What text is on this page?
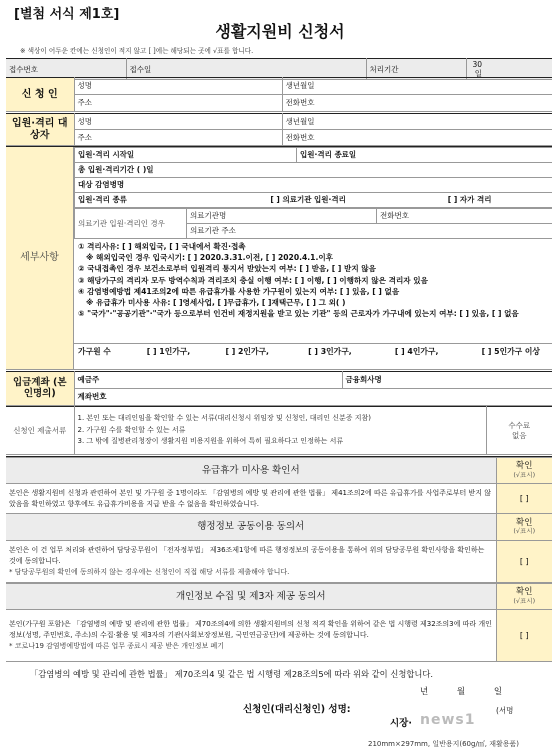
[별첨 서식 제1호]
생활지원비 신청서
※ 색상이 어두운 칸에는 신청인이 적지 않고 [ ]에는 해당되는 곳에 √표를 합니다.
접수번호	접수일	처리기간	30일
신 청 인	성명	생년월일
	주소	전화번호
입원·격리 대상자	성명	생년월일
	주소	전화번호
세부사항
입원·격리 시작일	입원·격리 종료일
총 입원·격리기간 ( )일
대상 감염병명
입원·격리 종류	[ ] 의료기관 입원·격리	[ ] 자가 격리
의료기관 입원·격리인 경우	의료기관명	전화번호
의료기관 주소
① 격리사유: [ ] 해외입국, [ ] 국내에서 확진·접촉
※ 해외입국인 경우 입국시기: [ ] 2020.3.31.이전, [ ] 2020.4.1.이후
② 국내접촉인 경우 보건소로부터 입원격리 통지서 받았는지 여부: [ ] 받음, [ ] 받지 않음
③ 해당가구의 격리자 모두 방역수칙과 격리조치 충실 이행 여부: [ ] 이행, [ ] 이행하지 않은 격리자 있음
④ 감염병예방법 제41조의2에 따른 유급휴가를 사용한 가구원이 있는지 여부: [ ] 있음, [ ] 없음
※ 유급휴가 미사용 사유: [ ]영세사업, [ ]무급휴가, [ ]재택근무, [ ] 그 외( )
⑤ "국가"·"공공기관"·"국가 등으로부터 인건비 재정지원을 받고 있는 기관" 등의 근로자가 가구내에 있는지 여부: [ ] 있음, [ ] 없음
가구원 수	[ ] 1인가구,	[ ] 2인가구,	[ ] 3인가구,	[ ] 4인가구,	[ ] 5인가구 이상
입금계좌 (본인명의)	예금주	금융회사명
계좌번호
신청인 제출서류	
1. 본인 또는 대리인임을 확인할 수 있는 서류(대리신청시 위임장 및 신청인, 대리인 신분증 지참)
2. 가구원 수를 확인할 수 있는 서류
3. 그 밖에 질병관리청장이 생활지원 비용지원을 위하여 특히 필요하다고 인정하는 서류

수수료
없음
유급휴가 미사용 확인서	확인
(√표시)

본인은 생활지원비 신청과 관련하여 본인 및 가구원 중 1명이라도 「감염병의 예방 및 관리에 관한 법률」 제41조의2에 따른 유급휴가를 사업주로부터 받지 않았음을 확인하였고 향후에도 유급휴가비용을 지급 받을 수 없음을 확인하였습니다.	[ ]
행정정보 공동이용 동의서	확인
(√표시)

본인은 이 건 업무 처리와 관련하여 담당공무원이 「전자정부법」 제36조제1항에 따른 행정정보의 공동이용을 통하여 위의 담당공무원 확인사항을 확인하는 것에 동의합니다.
* 담당공무원의 확인에 동의하지 않는 경우에는 신청인이 직접 해당 서류를 제출해야 합니다.	[ ]
개인정보 수집 및 제3자 제공 동의서	확인
(√표시)

본인(가구원 포함)은 「감염병의 예방 및 관리에 관한 법률」 제70조의4에 의한 생활지원비의 신청 적격 확인을 위하여 같은 법 시행령 제32조의3에 따라 개인정보(성명, 주민번호, 주소)의 수집·활용 및 제3자의 기관(사회보장정보원, 국민연금공단)에 제공하는 것에 동의합니다.
* 코로나19 감염병예방법에 따른 업무 종료시 제공 받은 개인정보 폐기	[ ]
「감염병의 예방 및 관리에 관한 법률」 제70조의4 및 같은 법 시행령 제28조의5에 따라 위와 같이 신청합니다.
년	월	일
신청인(대리신청인) 성명:	(서명
시장· news1
210mm×297mm, 일반용지(60g/㎡, 재활용품)
